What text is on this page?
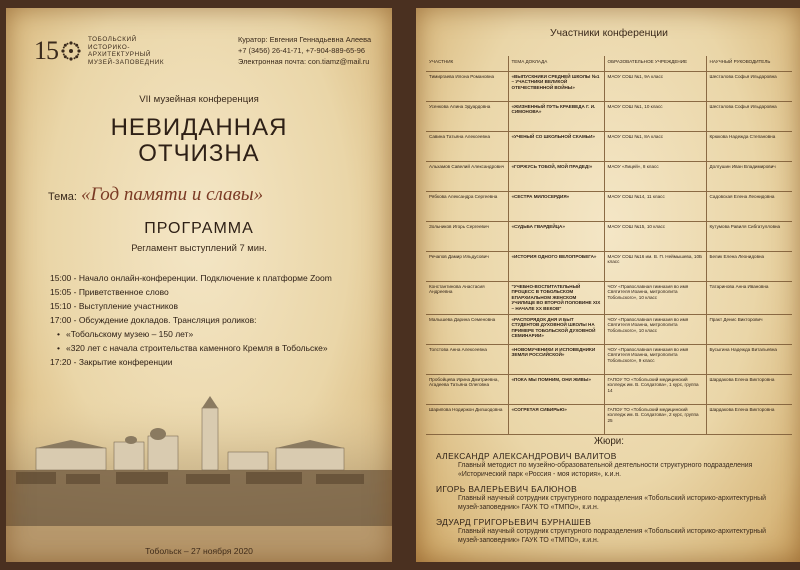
15	ТОБОЛЬСКИЙ ИСТОРИКО-АРХИТЕКТУРНЫЙ МУЗЕЙ-ЗАПОВЕДНИК
Куратор: Евгения Геннадьевна Алеева
+7 (3456) 26-41-71, +7-904-889-65-96
Электронная почта: con.tiamz@mail.ru
VII музейная конференция
НЕВИДАННАЯ
ОТЧИЗНА
Тема: «Год памяти и славы»
ПРОГРАММА
Регламент выступлений 7 мин.
15:00 - Начало онлайн-конференции. Подключение к платформе Zoom
15:05 - Приветственное слово
15:10 - Выступление участников
17:00 - Обсуждение докладов. Трансляция роликов:
• «Тобольскому музею – 150 лет»
• «320 лет с начала строительства каменного Кремля в Тобольске»
17:20 - Закрытие конференции
Тобольск – 27 ноября 2020
Участники конференции
УЧАСТНИК	ТЕМА ДОКЛАДА	ОБРАЗОВАТЕЛЬНОЕ УЧРЕЖДЕНИЕ	НАУЧНЫЙ РУКОВОДИТЕЛЬ
Тимиргаева Илона Романовна	«ВЫПУСКНИКИ СРЕДНЕЙ ШКОЛЫ №1 – УЧАСТНИКИ ВЕЛИКОЙ ОТЕЧЕСТВЕННОЙ ВОЙНЫ»	МАОУ СОШ №1, 9А класс	Шесталова Софья Ильдаровна
Усенкова Алина Эдуардовна	«ЖИЗНЕННЫЙ ПУТЬ КРАЕВЕДА Г. И. СИМОНОВА»	МАОУ СОШ №1, 10 класс	Шесталова Софья Ильдаровна
Савина Татьяна Алексеевна	«УЧЕНЫЙ СО ШКОЛЬНОЙ СКАМЬИ»	МАОУ СОШ №1, 8А класс	Крюкова Надежда Степановна
Альхамов Савелий Александрович	«ГОРЖУСЬ ТОБОЙ, МОЙ ПРАДЕД!»	МАОУ «Лицей», 8 класс	Долгушин Иван Владимирович
Рябкова Александра Сергеевна	«СЕСТРА МИЛОСЕРДИЯ»	МАОУ СОШ №14, 11 класс	Садовская Елена Леонидовна
Зольников Игорь Сергеевич	«СУДЬБА ГВАРДЕЙЦА»	МАОУ СОШ №15, 10 класс	Кутумова Равиля Сибгатулловна
Речапов Дамир Ильдусович	«ИСТОРИЯ ОДНОГО ВЕЛОПРОБЕГА»	МАОУ СОШ №16 им. В. П. Неймышева, 10Б класс	Белик Елена Леонидовна
Константинова Анастасия Андреевна	"УЧЕБНО-ВОСПИТАТЕЛЬНЫЙ ПРОЦЕСС В ТОБОЛЬСКОМ ЕПАРХИАЛЬНОМ ЖЕНСКОМ УЧИЛИЩЕ ВО ВТОРОЙ ПОЛОВИНЕ XIX – НАЧАЛЕ XX ВЕКОВ"	ЧОУ «Православная гимназия во имя Святителя Иоанна, митрополита Тобольского», 10 класс	Татаринова Анна Ивановна
Малышева Дарина Семеновна	«РАСПОРЯДОК ДНЯ И БЫТ СТУДЕНТОВ ДУХОВНОЙ ШКОЛЫ НА ПРИМЕРЕ ТОБОЛЬСКОЙ ДУХОВНОЙ СЕМИНАРИИ»	ЧОУ «Православная гимназия во имя Святителя Иоанна, митрополита Тобольского», 10 класс	Практ Денис Викторович
Толстова Анна Алексеевна	«НОВОМУЧЕНИКИ И ИСПОВЕДНИКИ ЗЕМЛИ РОССИЙСКОЙ»	ЧОУ «Православная гимназия во имя Святителя Иоанна, митрополита Тобольского», 9 класс	Бусыгина Надежда Витальевна
Пробойцева Ирина Дмитриевна, Агадеева Татьяна Олеговна	«ПОКА МЫ ПОМНИМ, ОНИ ЖИВЫ»	ГАПОУ ТО «Тобольский медицинский колледж им. В. Солдатова», 1 курс, группа 14	Шардакова Елена Викторовна
Шарипова Нодиржон Дилшодовна	«СОГРЕТАЯ СИБИРЬЮ»	ГАПОУ ТО «Тобольский медицинский колледж им. В. Солдатова», 2 курс, группа 25	Шардакова Елена Викторовна
Жюри:
АЛЕКСАНДР АЛЕКСАНДРОВИЧ ВАЛИТОВ
Главный методист по музейно-образовательной деятельности структурного подразделения «Исторический парк «Россия - моя история», к.и.н.
ИГОРЬ ВАЛЕРЬЕВИЧ БАЛЮНОВ
Главный научный сотрудник структурного подразделения «Тобольский историко-архитектурный музей-заповедник» ГАУК ТО «ТМПО», к.и.н.
ЭДУАРД ГРИГОРЬЕВИЧ БУРНАШЕВ
Главный научный сотрудник структурного подразделения «Тобольский историко-архитектурный музей-заповедник» ГАУК ТО «ТМПО», к.и.н.
